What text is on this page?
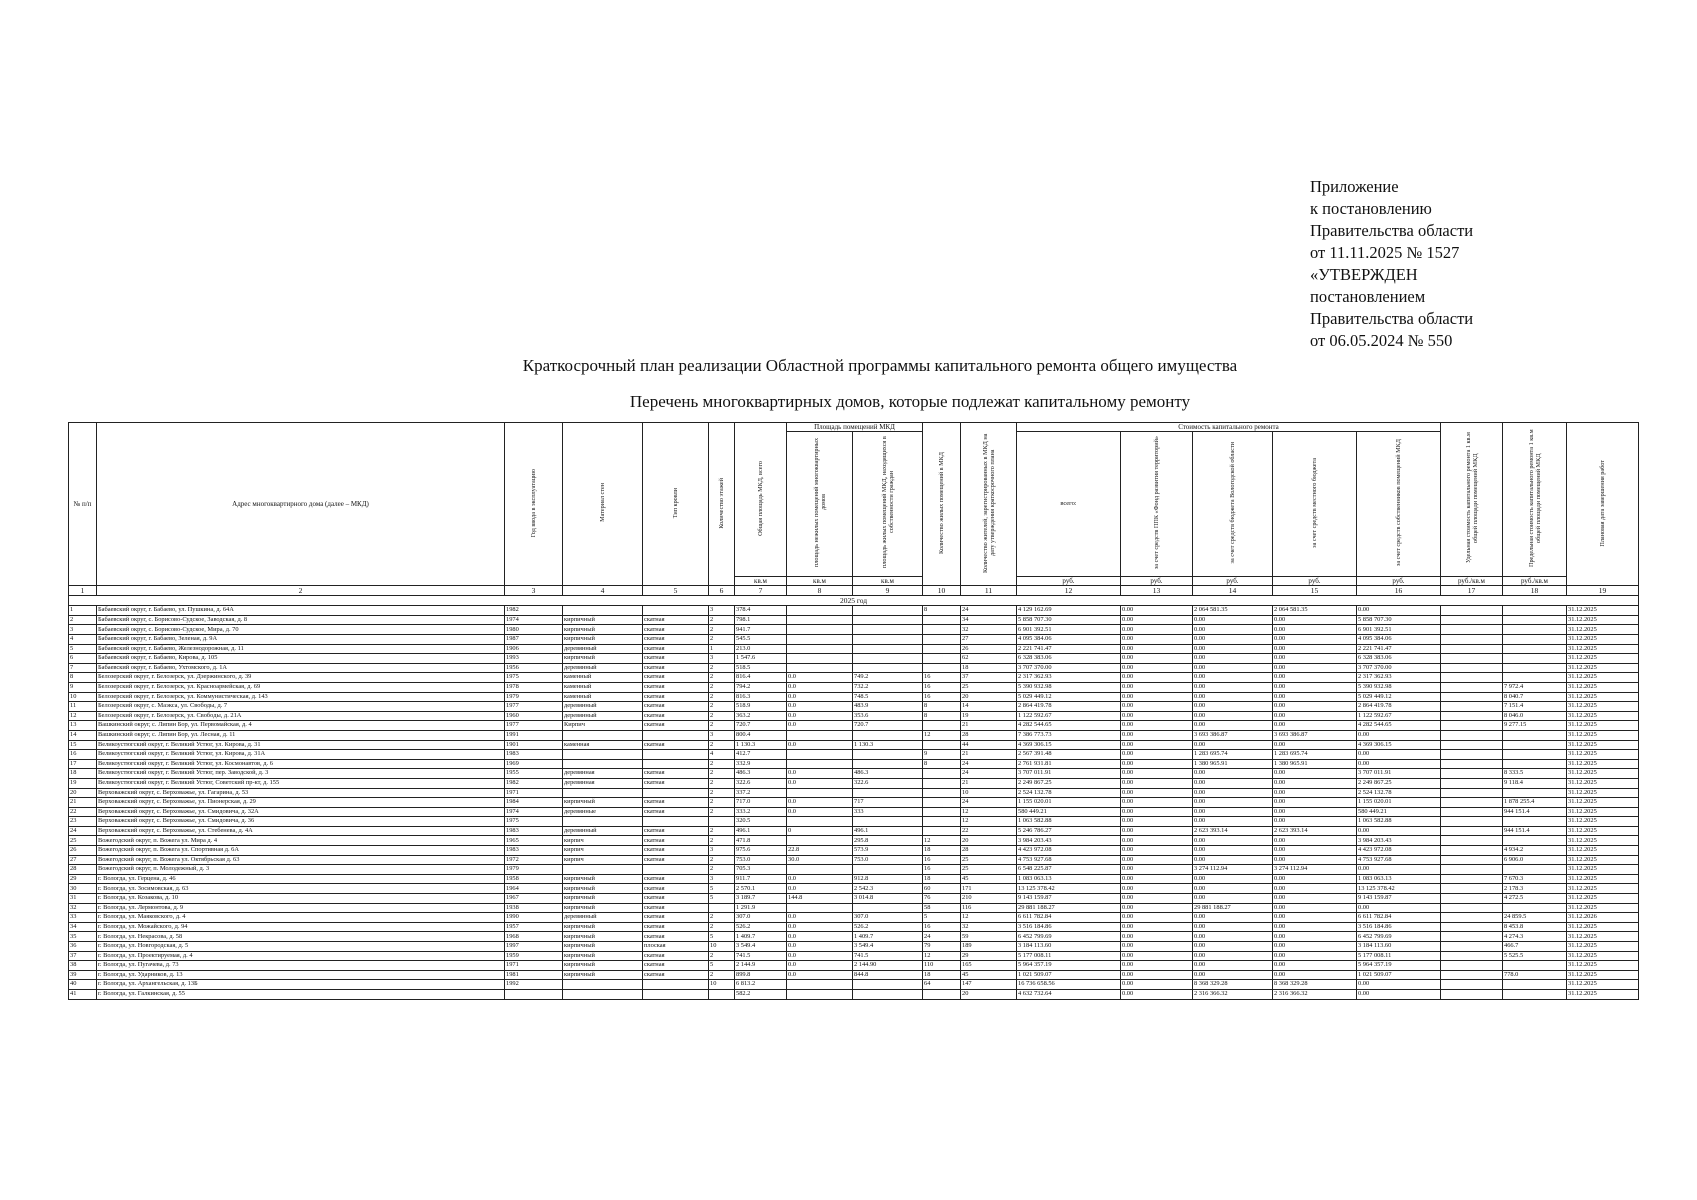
Приложение
к постановлению
Правительства области
от 11.11.2025 № 1527
«УТВЕРЖДЕН
постановлением
Правительства области
от 06.05.2024 № 550
Краткосрочный план реализации Областной программы капитального ремонта общего имущества
Перечень многоквартирных домов, которые подлежат капитальному ремонту
№ п/п	Адрес многоквартирного дома (далее – МКД)	Год ввода в эксплуатацию	Материал стен	Тип кровли	Количество этажей	Общая площадь МКД, всего	Площадь помещений МКД		Количество жилых помещений в МКД	Количество жителей, зарегистрированных в МКД на дату утверждения краткосрочного плана	Стоимость капитального ремонта					Удельная стоимость капитального ремонта 1 кв.м общей площади помещений МКД	Предельная стоимость капитального ремонта 1 кв.м общей площади помещений МКД	Плановая дата завершения работ
							площадь нежилых помещений многоквартирных домов	площадь жилых помещений МКД, находящихся в собственности граждан			всего:	за счет средств ППК «Фонд развития территорий»	за счет средств бюджета Вологодской области	за счет средств местного бюджета	за счет средств собственников помещений МКД			
						кв.м	кв.м	кв.м			руб.	руб.	руб.	руб.	руб.	руб./кв.м	руб./кв.м	
1	2	3	4	5	6	7	8	9	10	11	12	13	14	15	16	17	18	19
2025 год																		
1	Бабаевский округ, г. Бабаево, ул. Пушкина, д. 64А	1982			3	378.4			8	24	4 129 162.69	0.00	2 064 581.35	2 064 581.35	0.00			31.12.2025
2	Бабаевский округ, с. Борисово-Судское, Заводская, д. 8	1974	кирпичный	скатная	2	798.1				34	5 858 707.30	0.00	0.00	0.00	5 858 707.30			31.12.2025
3	Бабаевский округ, с. Борисово-Судское, Мира, д. 70	1980	кирпичный	скатная	2	941.7				32	6 901 392.51	0.00	0.00	0.00	6 901 392.51			31.12.2025
4	Бабаевский округ, г. Бабаево, Зеленая, д. 9А	1987	кирпичный	скатная	2	545.5				27	4 095 384.06	0.00	0.00	0.00	4 095 384.06			31.12.2025
5	Бабаевский округ, г. Бабаево, Железнодорожная, д. 11	1906	деревянный	скатная	1	213.0				26	2 221 741.47	0.00	0.00	0.00	2 221 741.47			31.12.2025
6	Бабаевский округ, г. Бабаево, Кирова, д. 105	1993	кирпичный	скатная	3	1 547.6				62	6 328 383.06	0.00	0.00	0.00	6 328 383.06			31.12.2025
7	Бабаевский округ, г. Бабаево, Ухтомского, д. 1А	1956	деревянный	скатная	2	518.5				18	3 707 370.00	0.00	0.00	0.00	3 707 370.00			31.12.2025
8	Белозерский округ, г. Белозерск, ул. Дзержинского, д. 39	1975	каменный	скатная	2	816.4	0.0	749.2	16	37	2 317 362.93	0.00	0.00	0.00	2 317 362.93			31.12.2025
9	Белозерский округ, г. Белозерск, ул. Красноармейская, д. 69	1978	каменный	скатная	2	794.2	0.0	732.2	16	25	5 390 932.98	0.00	0.00	0.00	5 390 932.98		7 972.4	31.12.2025
10	Белозерский округ, г. Белозерск, ул. Коммунистическая, д. 143	1979	каменный	скатная	2	816.3	0.0	748.5	16	20	5 029 449.12	0.00	0.00	0.00	5 029 449.12		8 040.7	31.12.2025
11	Белозерский округ, с. Маэкса, ул. Свободы, д. 7	1977	деревянный	скатная	2	518.9	0.0	483.9	8	14	2 864 419.78	0.00	0.00	0.00	2 864 419.78		7 151.4	31.12.2025
12	Белозерский округ, г. Белозерск, ул. Свободы, д. 21А	1960	деревянный	скатная	2	363.2	0.0	353.6	8	19	1 122 592.67	0.00	0.00	0.00	1 122 592.67		8 046.0	31.12.2025
13	Вашкинский округ, с. Липин Бор, ул. Первомайская, д. 4	1977	Кирпич	скатная	2	720.7	0.0	720.7		21	4 282 544.65	0.00	0.00	0.00	4 282 544.65		9 277.15	31.12.2025
14	Вашкинский округ, с. Липин Бор, ул. Лесная, д. 11	1991			3	800.4			12	28	7 386 773.73	0.00	3 693 386.87	3 693 386.87	0.00			31.12.2025
15	Великоустюгский округ, г. Великий Устюг, ул. Кирова, д. 31	1901	каменная	скатная	2	1 130.3	0.0	1 130.3		44	4 369 306.15	0.00	0.00	0.00	4 369 306.15			31.12.2025
16	Великоустюгский округ, г. Великий Устюг, ул. Кирова, д. 31А	1983			4	412.7			9	21	2 567 391.48	0.00	1 283 695.74	1 283 695.74	0.00			31.12.2025
17	Великоустюгский округ, г. Великий Устюг, ул. Космонавтов, д. 6	1969			2	332.9			8	24	2 761 931.81	0.00	1 380 965.91	1 380 965.91	0.00			31.12.2025
18	Великоустюгский округ, г. Великий Устюг, пер. Заводской, д. 3	1955	деревянная	скатная	2	486.3	0.0	486.3		24	3 707 011.91	0.00	0.00	0.00	3 707 011.91		8 333.5	31.12.2025
19	Великоустюгский округ, г. Великий Устюг, Советский пр-кт, д. 155	1982	деревянная	скатная	2	322.6	0.0	322.6		21	2 249 867.25	0.00	0.00	0.00	2 249 867.25		9 118.4	31.12.2025
20	Верховажский округ, с. Верховажье, ул. Гагарина, д. 53	1971			2	337.2				10	2 524 132.78	0.00	0.00	0.00	2 524 132.78			31.12.2025
21	Верховажский округ, с. Верховажье, ул. Пионерская, д. 29	1984	кирпичный	скатная	2	717.0	0.0	717		24	1 155 020.01	0.00	0.00	0.00	1 155 020.01		1 878 255.4	31.12.2025
22	Верховажский округ, с. Верховажье, ул. Смидовича, д. 32А	1974	деревянные	скатная	2	333.2	0.0	333		12	580 449.21	0.00	0.00	0.00	580 449.21		944 151.4	31.12.2025
23	Верховажский округ, с. Верховажье, ул. Смидовича, д. 36	1975				320.5				12	1 063 582.88	0.00	0.00	0.00	1 063 582.88			31.12.2025
24	Верховажский округ, с. Верховажье, ул. Стебенева, д. 4А	1983	деревянный	скатная	2	496.1	0	496.1		22	5 246 786.27	0.00	2 623 393.14	2 623 393.14	0.00		944 151.4	31.12.2025
25	Вожегодский округ, п. Вожега ул. Мира д. 4	1965	кирпич	скатная	2	471.8		295.8	12	20	3 984 203.43	0.00	0.00	0.00	3 984 203.43			31.12.2025
26	Вожегодский округ, п. Вожега ул. Спортивная д. 6А	1983	кирпич	скатная	3	975.6	22.8	573.9	18	28	4 423 972.08	0.00	0.00	0.00	4 423 972.08		4 934.2	31.12.2025
27	Вожегодский округ, п. Вожега ул. Октябрьская д. 63	1972	кирпич	скатная	2	753.0	30.0	753.0	16	25	4 753 927.68	0.00	0.00	0.00	4 753 927.68		6 906.0	31.12.2025
28	Вожегодский округ, п. Молодежный, д. 3	1979			2	705.3			16	25	6 548 225.87	0.00	3 274 112.94	3 274 112.94	0.00			31.12.2025
29	г. Вологда, ул. Герцена, д. 46	1958	кирпичный	скатная	3	911.7	0.0	912.8	18	45	1 083 063.13	0.00	0.00	0.00	1 083 063.13		7 670.3	31.12.2025
30	г. Вологда, ул. Зосимовская, д. 63	1964	кирпичный	скатная	5	2 570.1	0.0	2 542.3	60	171	13 125 378.42	0.00	0.00	0.00	13 125 378.42		2 178.3	31.12.2025
31	г. Вологда, ул. Козакова, д. 10	1967	кирпичный	скатная	5	3 189.7	144.8	3 014.8	76	210	9 143 159.87	0.00	0.00	0.00	9 143 159.87		4 272.5	31.12.2025
32	г. Вологда, ул. Лермонтова, д. 9	1938	кирпичный	скатная		1 291.9			58	116	29 881 188.27	0.00	29 881 188.27	0.00	0.00			31.12.2025
33	г. Вологда, ул. Маяковского, д. 4	1990	деревянный	скатная	2	307.0	0.0	307.0	5	12	6 611 782.84	0.00	0.00	0.00	6 611 782.84		24 859.5	31.12.2026
34	г. Вологда, ул. Можайского, д. 94	1957	кирпичный	скатная	2	526.2	0.0	526.2	16	32	3 516 184.86	0.00	0.00	0.00	3 516 184.86		8 453.8	31.12.2025
35	г. Вологда, ул. Некрасова, д. 58	1968	кирпичный	скатная	5	1 409.7	0.0	1 409.7	24	59	6 452 799.69	0.00	0.00	0.00	6 452 799.69		4 274.3	31.12.2025
36	г. Вологда, ул. Новгородская, д. 5	1997	кирпичный	плоская	10	3 549.4	0.0	3 549.4	79	189	3 184 113.60	0.00	0.00	0.00	3 184 113.60		466.7	31.12.2025
37	г. Вологда, ул. Проектируемая, д. 4	1959	кирпичный	скатная	2	741.5	0.0	741.5	12	29	5 177 008.11	0.00	0.00	0.00	5 177 008.11		5 525.5	31.12.2025
38	г. Вологда, ул. Пугачева, д. 73	1971	кирпичный	скатная	5	2 144.9	0.0	2 144.90	110	165	5 964 357.19	0.00	0.00	0.00	5 964 357.19			31.12.2025
39	г. Вологда, ул. Ударников, д. 13	1981	кирпичный	скатная	2	899.8	0.0	844.8	18	45	1 021 509.07	0.00	0.00	0.00	1 021 509.07		778.0	31.12.2025
40	г. Вологда, ул. Архангельская, д. 13Б	1992			10	6 813.2			64	147	16 736 658.56	0.00	8 368 329.28	8 368 329.28	0.00			31.12.2025
41	г. Вологда, ул. Галкинская, д. 55					582.2				20	4 632 732.64	0.00	2 316 366.32	2 316 366.32	0.00			31.12.2025
